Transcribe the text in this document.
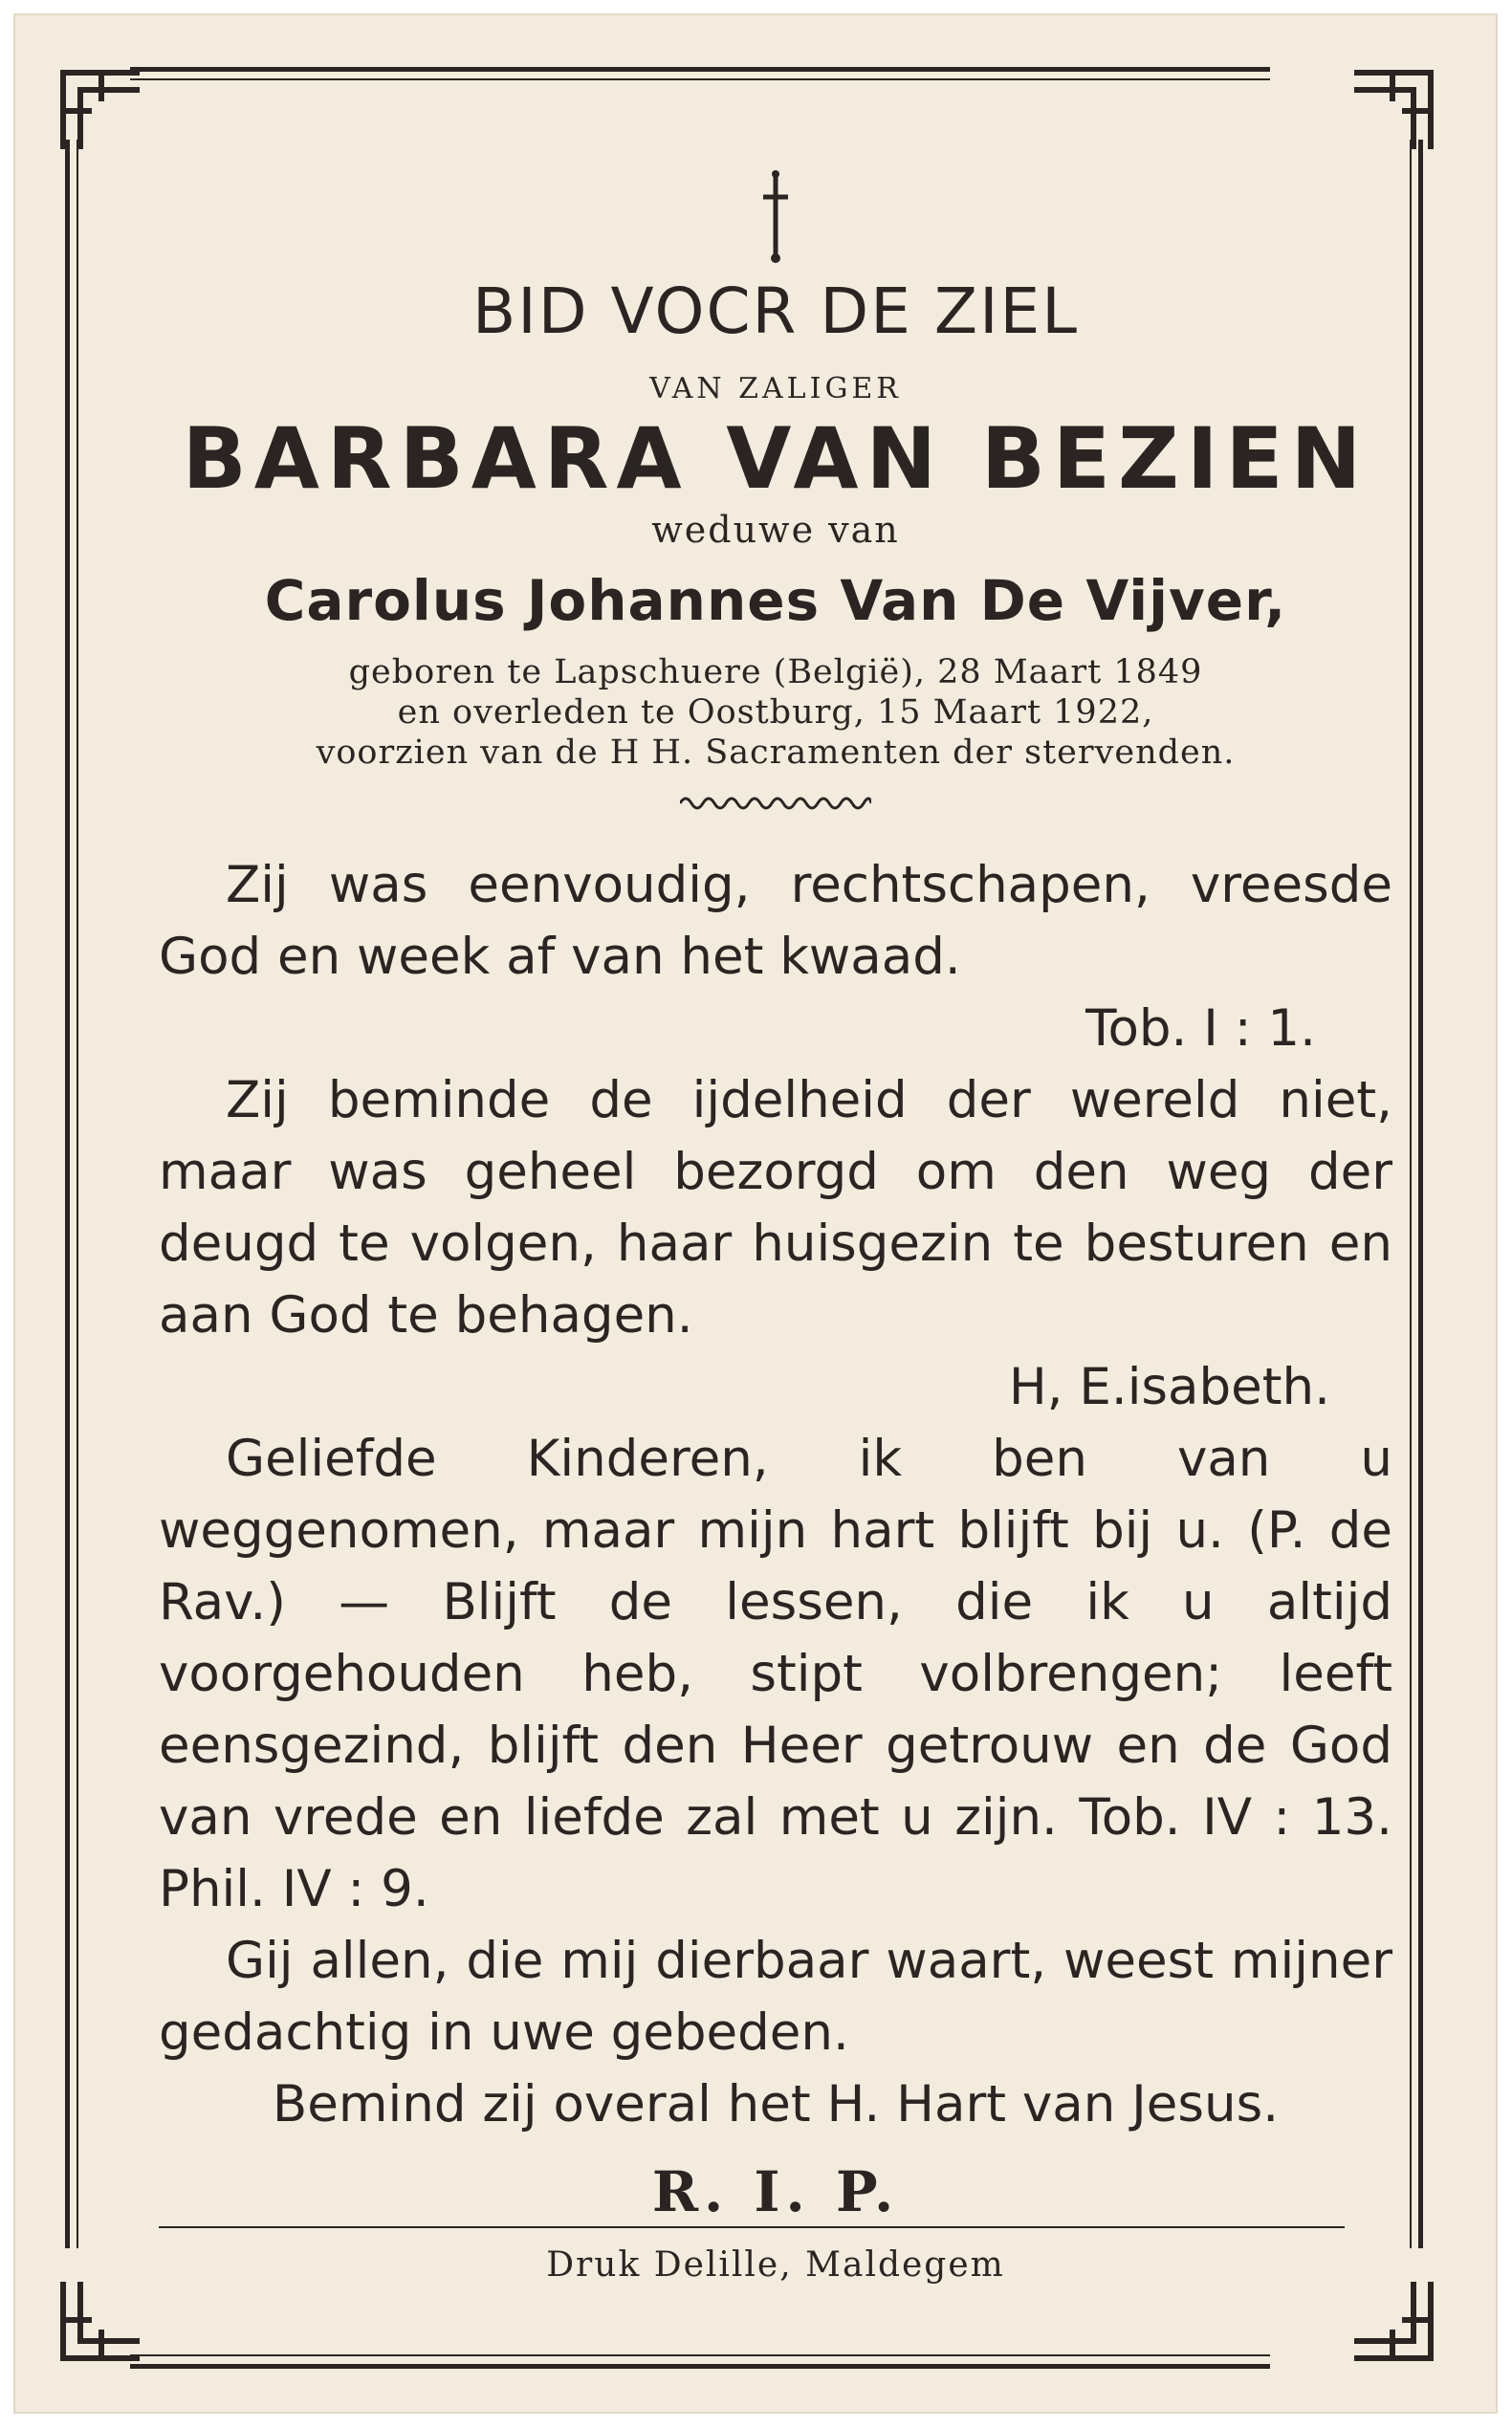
BID VOCR DE ZIEL
VAN ZALIGER
BARBARA VAN BEZIEN
weduwe van
Carolus Johannes Van De Vijver,
geboren te Lapschuere (België), 28 Maart 1849
en overleden te Oostburg, 15 Maart 1922,
voorzien van de H H. Sacramenten der stervenden.

Zij was eenvoudig, rechtschapen, vreesde God en week af van het kwaad.

Tob. I : 1.

Zij beminde de ijdelheid der wereld niet, maar was geheel bezorgd om den weg der deugd te volgen, haar huisgezin te besturen en aan God te behagen.

H, E.isabeth.

Geliefde Kinderen, ik ben van u weggenomen, maar mijn hart blijft bij u. (P. de Rav.) — Blijft de lessen, die ik u altijd voorgehouden heb, stipt volbrengen; leeft eensgezind, blijft den Heer getrouw en de God van vrede en liefde zal met u zijn. Tob. IV : 13. Phil. IV : 9.

Gij allen, die mij dierbaar waart, weest mijner gedachtig in uwe gebeden.

Bemind zij overal het H. Hart van Jesus.

R. I. P.
Druk Delille, Maldegem
